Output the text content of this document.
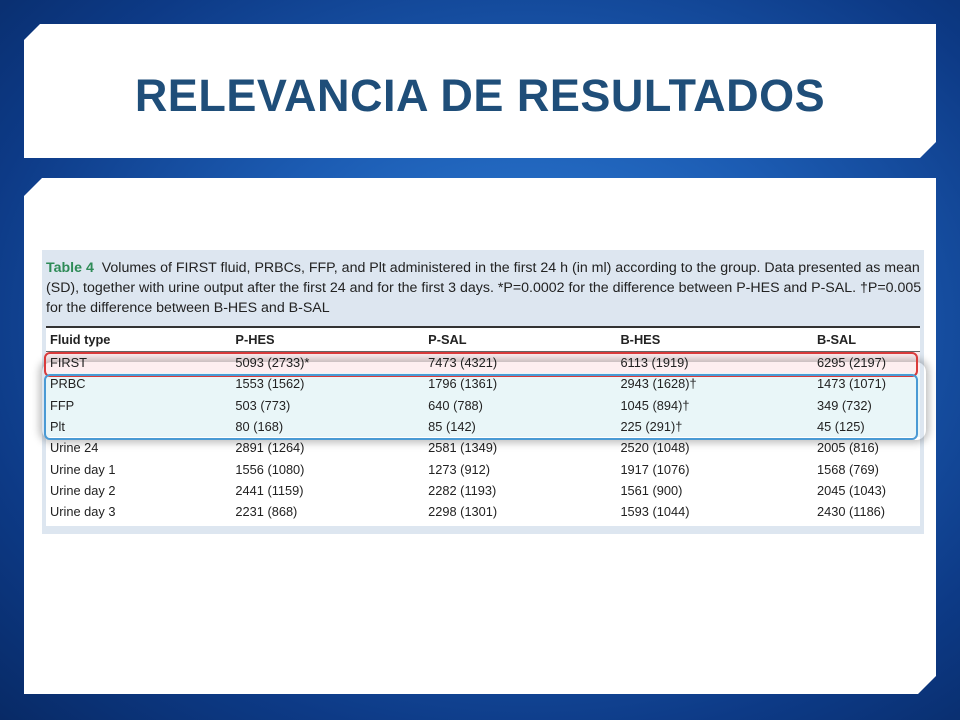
RELEVANCIA DE RESULTADOS

Table 4 Volumes of FIRST fluid, PRBCs, FFP, and Plt administered in the first 24 h (in ml) according to the group. Data presented as mean (SD), together with urine output after the first 24 and for the first 3 days. *P=0.0002 for the difference between P-HES and P-SAL. †P=0.005 for the difference between B-HES and B-SAL

Fluid type	P-HES	P-SAL	B-HES	B-SAL
FIRST	5093 (2733)*	7473 (4321)	6113 (1919)	6295 (2197)
PRBC	1553 (1562)	1796 (1361)	2943 (1628)†	1473 (1071)
FFP	503 (773)	640 (788)	1045 (894)†	349 (732)
Plt	80 (168)	85 (142)	225 (291)†	45 (125)
Urine 24	2891 (1264)	2581 (1349)	2520 (1048)	2005 (816)
Urine day 1	1556 (1080)	1273 (912)	1917 (1076)	1568 (769)
Urine day 2	2441 (1159)	2282 (1193)	1561 (900)	2045 (1043)
Urine day 3	2231 (868)	2298 (1301)	1593 (1044)	2430 (1186)
